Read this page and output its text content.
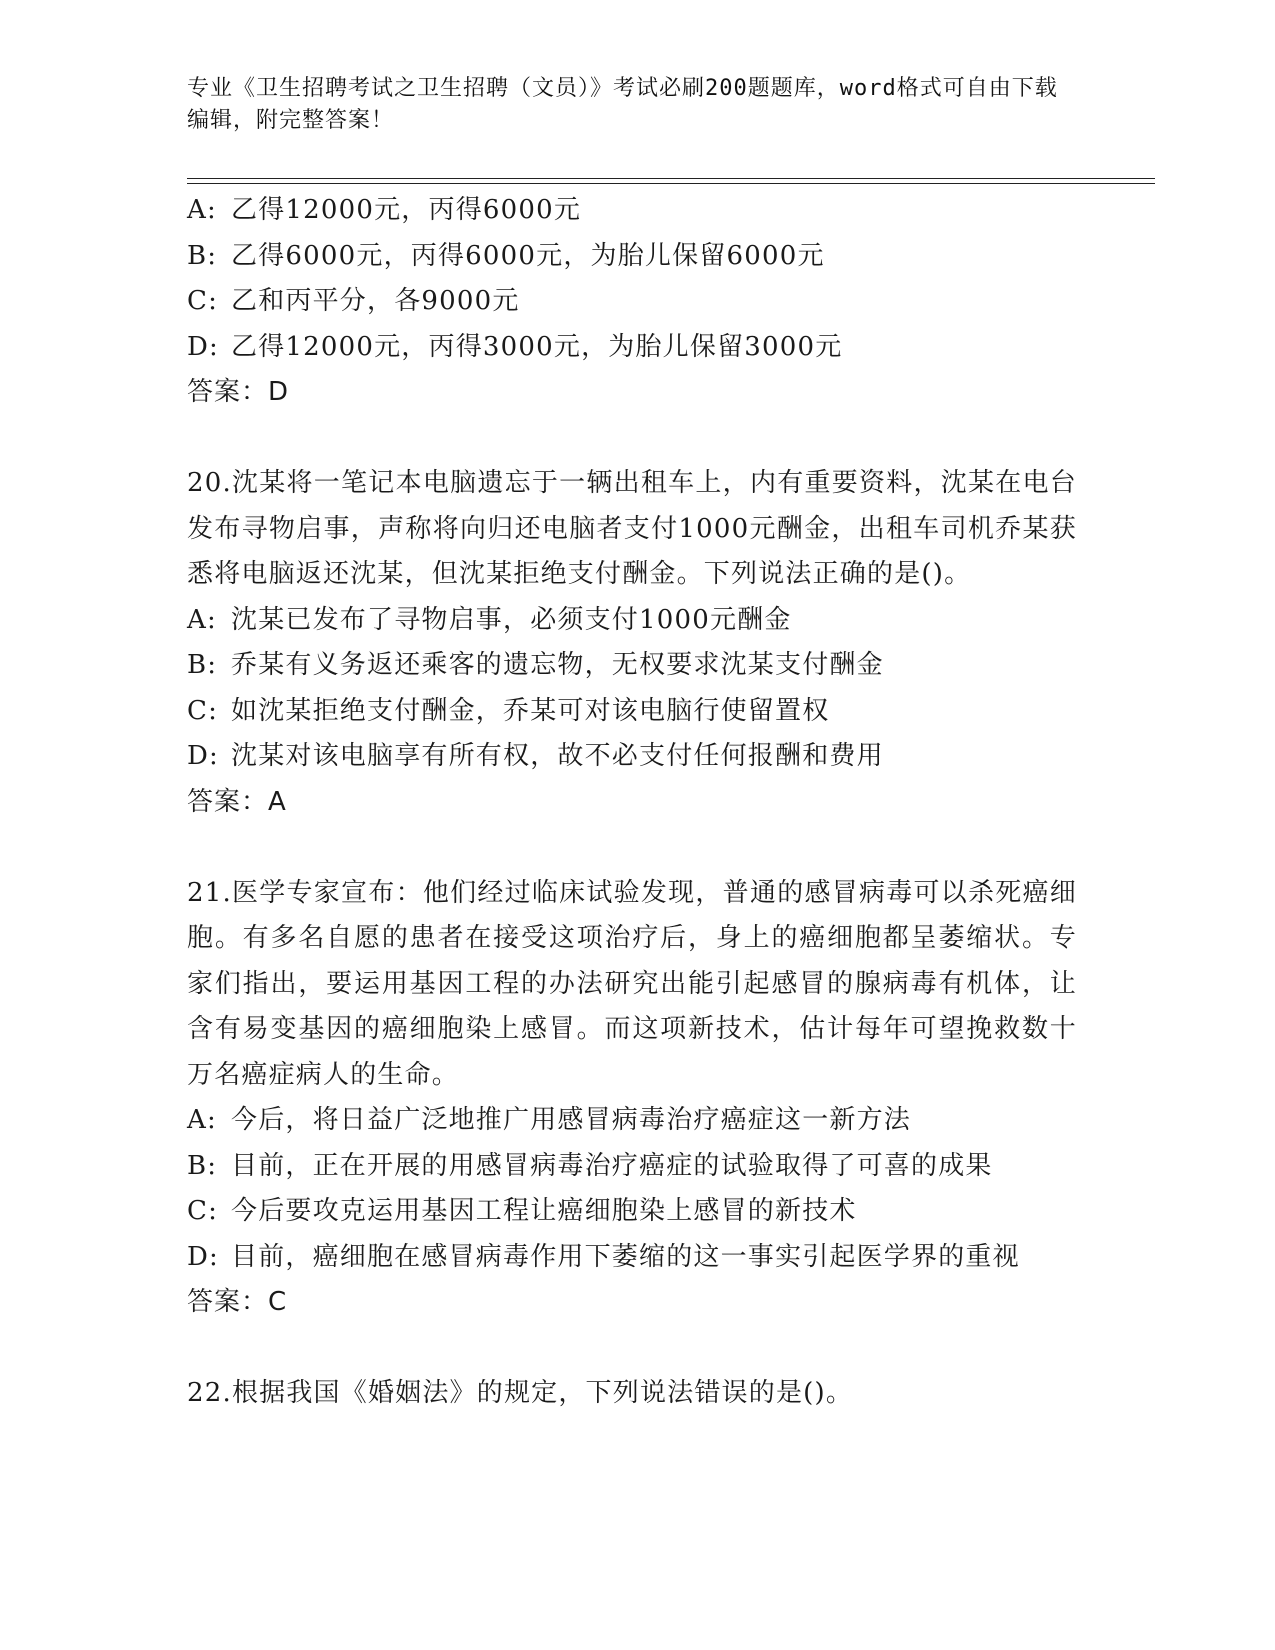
专业《卫生招聘考试之卫生招聘（文员）》考试必刷200题题库，word格式可自由下载编辑，附完整答案！
A: 乙得12000元，丙得6000元
B: 乙得6000元，丙得6000元，为胎儿保留6000元
C: 乙和丙平分，各9000元
D: 乙得12000元，丙得3000元，为胎儿保留3000元
答案：D
20.沈某将一笔记本电脑遗忘于一辆出租车上，内有重要资料，沈某在电台发布寻物启事，声称将向归还电脑者支付1000元酬金，出租车司机乔某获悉将电脑返还沈某，但沈某拒绝支付酬金。下列说法正确的是()。
A: 沈某已发布了寻物启事，必须支付1000元酬金
B: 乔某有义务返还乘客的遗忘物，无权要求沈某支付酬金
C: 如沈某拒绝支付酬金，乔某可对该电脑行使留置权
D: 沈某对该电脑享有所有权，故不必支付任何报酬和费用
答案：A
21.医学专家宣布：他们经过临床试验发现，普通的感冒病毒可以杀死癌细胞。有多名自愿的患者在接受这项治疗后，身上的癌细胞都呈萎缩状。专家们指出，要运用基因工程的办法研究出能引起感冒的腺病毒有机体，让含有易变基因的癌细胞染上感冒。而这项新技术，估计每年可望挽救数十万名癌症病人的生命。
A: 今后，将日益广泛地推广用感冒病毒治疗癌症这一新方法
B: 目前，正在开展的用感冒病毒治疗癌症的试验取得了可喜的成果
C: 今后要攻克运用基因工程让癌细胞染上感冒的新技术
D: 目前，癌细胞在感冒病毒作用下萎缩的这一事实引起医学界的重视
答案：C
22.根据我国《婚姻法》的规定，下列说法错误的是()。
